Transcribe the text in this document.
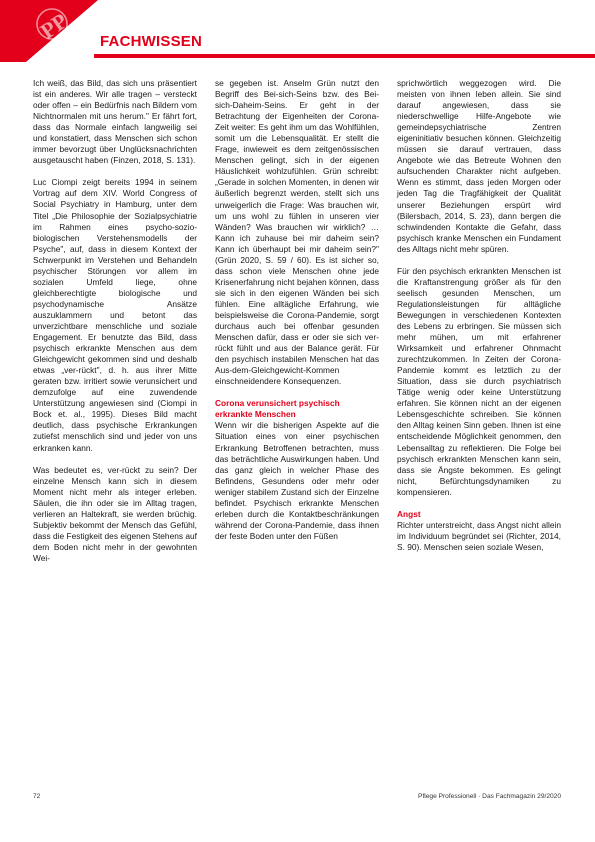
PP FACHWISSEN

Ich weiß, das Bild, das sich uns präsentiert ist ein anderes. Wir alle tragen – versteckt oder offen – ein Bedürfnis nach Bildern vom Nichtnormalen mit uns herum." Er fährt fort, dass das Normale einfach langweilig sei und konstatiert, dass Menschen sich schon immer bevorzugt über Unglücksnachrichten ausgetauscht haben (Finzen, 2018, S. 131).

Luc Ciompi zeigt bereits 1994 in seinem Vortrag auf dem XIV. World Congress of Social Psychiatry in Hamburg, unter dem Titel „Die Philosophie der Sozialpsychiatrie im Rahmen eines psycho-sozio-biologischen Verstehensmodells der Psyche", auf, dass in diesem Kontext der Schwerpunkt im Verstehen und Behandeln psychischer Störungen vor allem im sozialen Umfeld liege, ohne gleichberechtigte biologische und psychodynamische Ansätze auszuklammern und betont das unverzichtbare menschliche und soziale Engagement. Er benutzte das Bild, dass psychisch erkrankte Menschen aus dem Gleichgewicht gekommen sind und deshalb etwas „ver-rückt", d. h. aus ihrer Mitte geraten bzw. irritiert sowie verunsichert und demzufolge auf eine zuwendende Unterstützung angewiesen sind (Ciompi in Bock et. al., 1995). Dieses Bild macht deutlich, dass psychische Erkrankungen zutiefst menschlich sind und jeder von uns erkranken kann.

Was bedeutet es, ver-rückt zu sein? Der einzelne Mensch kann sich in diesem Moment nicht mehr als integer erleben. Säulen, die ihn oder sie im Alltag tragen, verlieren an Haltekraft, sie werden brüchig. Subjektiv bekommt der Mensch das Gefühl, dass die Festigkeit des eigenen Stehens auf dem Boden nicht mehr in der gewohnten Wei-

se gegeben ist. Anselm Grün nutzt den Begriff des Bei-sich-Seins bzw. des Bei-sich-Daheim-Seins. Er geht in der Betrachtung der Eigenheiten der Corona-Zeit weiter: Es geht ihm um das Wohlfühlen, somit um die Lebensqualität. Er stellt die Frage, inwieweit es dem zeitgenössischen Menschen gelingt, sich in der eigenen Häuslichkeit wohlzufühlen. Grün schreibt: „Gerade in solchen Momenten, in denen wir äußerlich begrenzt werden, stellt sich uns unweigerlich die Frage: Was brauchen wir, um uns wohl zu fühlen in unseren vier Wänden? Was brauchen wir wirklich? … Kann ich zuhause bei mir daheim sein? Kann ich überhaupt bei mir daheim sein?" (Grün 2020, S. 59 / 60). Es ist sicher so, dass schon viele Menschen ohne jede Krisenerfahrung nicht bejahen können, dass sie sich in den eigenen Wänden bei sich fühlen. Eine alltägliche Erfahrung, wie beispielsweise die Corona-Pandemie, sorgt durchaus auch bei offenbar gesunden Menschen dafür, dass er oder sie sich ver-rückt fühlt und aus der Balance gerät. Für den psychisch instabilen Menschen hat das Aus-dem-Gleichgewicht-Kommen einschneidendere Konsequenzen.

Corona verunsichert psychisch erkrankte Menschen

Wenn wir die bisherigen Aspekte auf die Situation eines von einer psychischen Erkrankung Betroffenen betrachten, muss das beträchtliche Auswirkungen haben. Und das ganz gleich in welcher Phase des Befindens, Gesundens oder mehr oder weniger stabilem Zustand sich der Einzelne befindet. Psychisch erkrankte Menschen erleben durch die Kontaktbeschränkungen während der Corona-Pandemie, dass ihnen der feste Boden unter den Füßen

sprichwörtlich weggezogen wird. Die meisten von ihnen leben allein. Sie sind darauf angewiesen, dass sie niederschwellige Hilfe-Angebote wie gemeindepsychiatrische Zentren eigeninitiativ besuchen können. Gleichzeitig müssen sie darauf vertrauen, dass Angebote wie das Betreute Wohnen den aufsuchenden Charakter nicht aufgeben. Wenn es stimmt, dass jeden Morgen oder jeden Tag die Tragfähigkeit der Qualität unserer Beziehungen erspürt wird (Bilersbach, 2014, S. 23), dann bergen die schwindenden Kontakte die Gefahr, dass psychisch kranke Menschen ein Fundament des Alltags nicht mehr spüren.

Für den psychisch erkrankten Menschen ist die Kraftanstrengung größer als für den seelisch gesunden Menschen, um Regulationsleistungen für alltägliche Bewegungen in verschiedenen Kontexten des Lebens zu erbringen. Sie müssen sich mehr mühen, um mit erfahrener Wirksamkeit und erfahrener Ohnmacht zurechtzukommen. In Zeiten der Corona-Pandemie kommt es letztlich zu der Situation, dass sie durch psychiatrisch Tätige wenig oder keine Unterstützung erfahren. Sie können nicht an der eigenen Lebensgeschichte schreiben. Sie können den Alltag keinen Sinn geben. Ihnen ist eine entscheidende Möglichkeit genommen, den Lebensalltag zu reflektieren. Die Folge bei psychisch erkrankten Menschen kann sein, dass sie Ängste bekommen. Es gelingt nicht, Befürchtungsdynamiken zu kompensieren.

Angst

Richter unterstreicht, dass Angst nicht allein im Individuum begründet sei (Richter, 2014, S. 90). Menschen seien soziale Wesen,

72	Pflege Professionell · Das Fachmagazin 29/2020
